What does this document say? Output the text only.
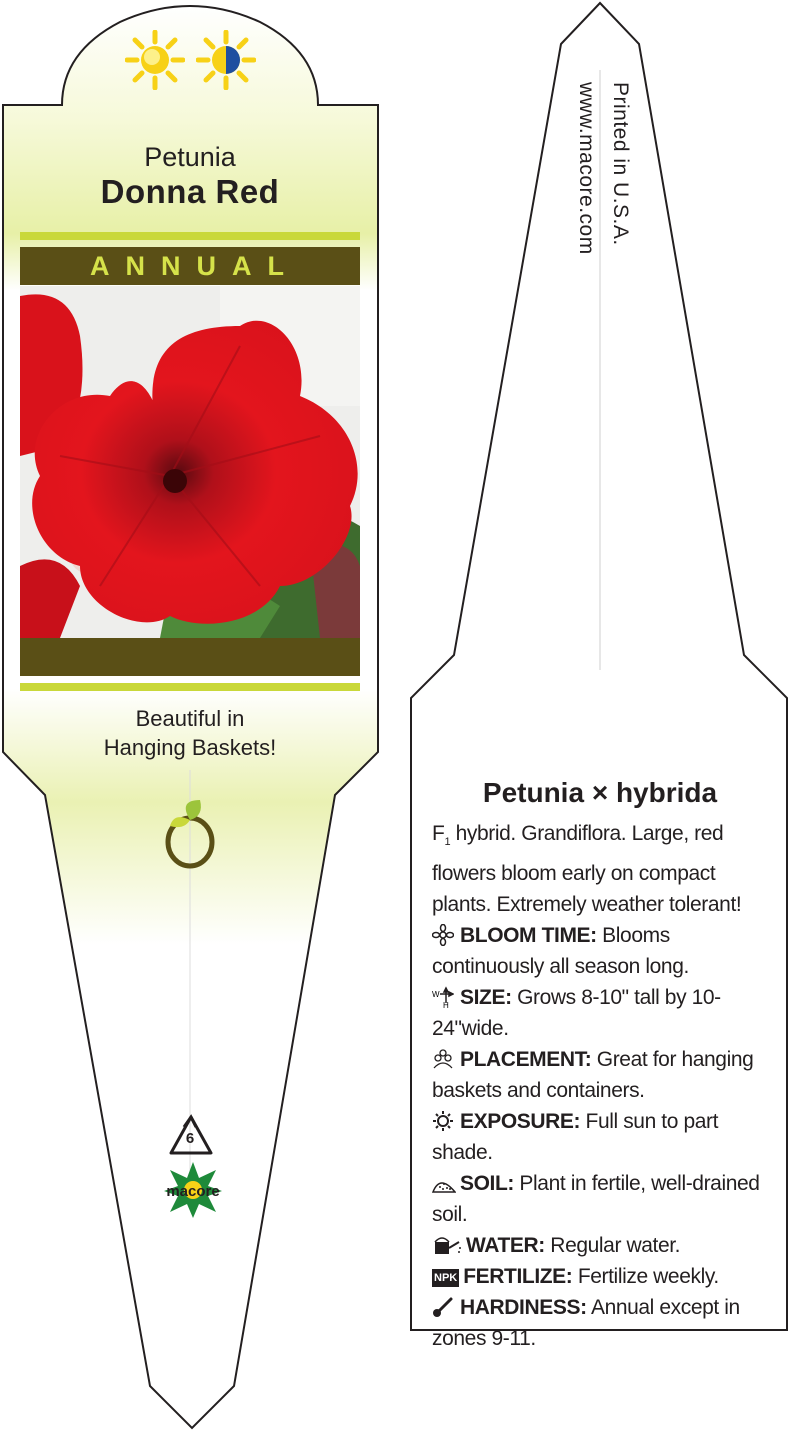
Petunia
Donna Red
ANNUAL
Beautiful in
Hanging Baskets!
6
macore
Printed in U.S.A.
www.macore.com
Petunia × hybrida

$F_1$ hybrid. Grandiflora. Large, red flowers bloom early on compact plants. Extremely weather tolerant!

BLOOM TIME: Blooms continuously all season long.

W
H SIZE: Grows 8-10" tall by 10-24"wide.

PLACEMENT: Great for hanging baskets and containers.

EXPOSURE: Full sun to part shade.

SOIL: Plant in fertile, well-drained soil.

WATER: Regular water.

NPK FERTILIZE: Fertilize weekly.

HARDINESS: Annual except in zones 9-11.
